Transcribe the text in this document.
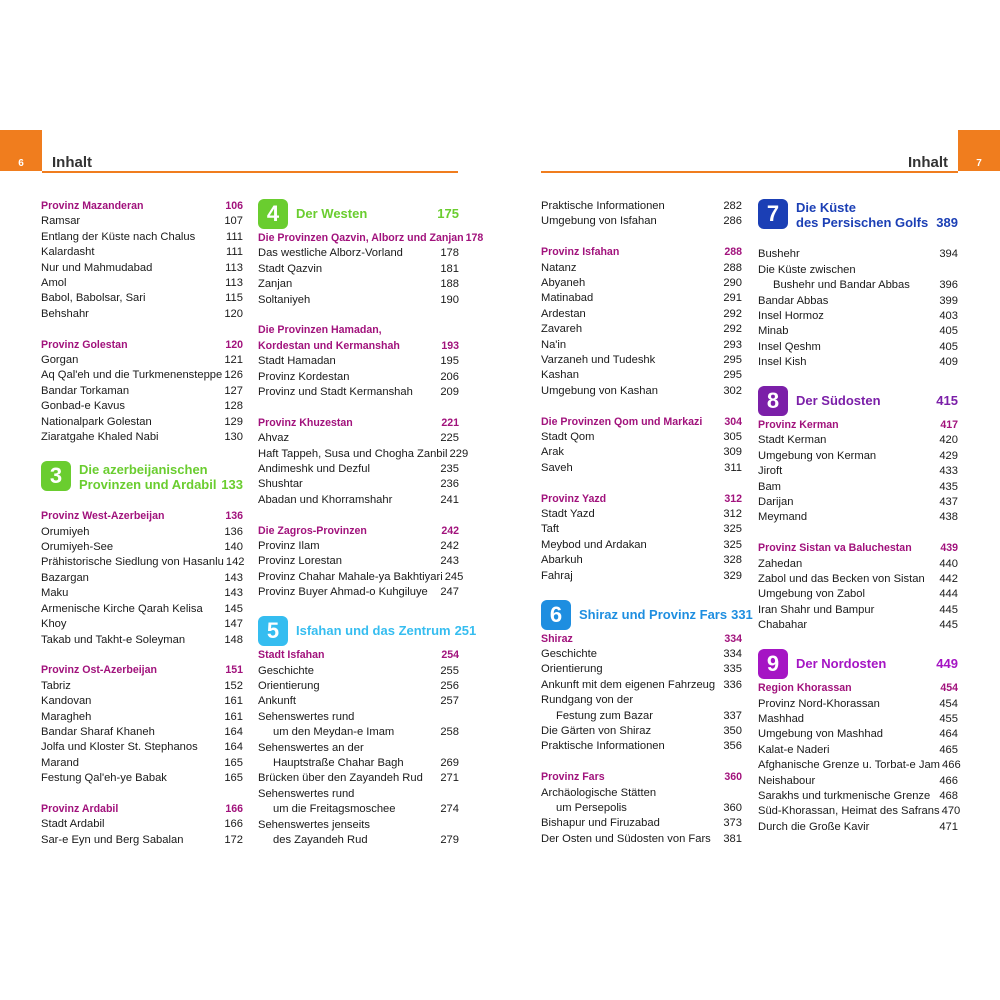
6	7
Inhalt	Inhalt
Provinz Mazanderan	106
Ramsar	107
Entlang der Küste nach Chalus	111
Kalardasht	111
Nur und Mahmudabad	113
Amol	113
Babol, Babolsar, Sari	115
Behshahr	120
Provinz Golestan	120
Gorgan	121
Aq Qal'eh und die Turkmenensteppe 126
Bandar Torkaman	127
Gonbad-e Kavus	128
Nationalpark Golestan	129
Ziaratgahe Khaled Nabi	130
3	Die azerbeijanischen
Provinzen und Ardabil 133
Provinz West-Azerbeijan	136
Orumiyeh	136
Orumiyeh-See	140
Prähistorische Siedlung von Hasanlu 142
Bazargan	143
Maku	143
Armenische Kirche Qarah Kelisa 145
Khoy	147
Takab und Takht-e Soleyman	148
Provinz Ost-Azerbeijan	151
Tabriz	152
Kandovan	161
Maragheh	161
Bandar Sharaf Khaneh	164
Jolfa und Kloster St. Stephanos 164
Marand	165
Festung Qal'eh-ye Babak	165
Provinz Ardabil	166
Stadt Ardabil	166
Sar-e Eyn und Berg Sabalan	172
4	Der Westen	175
Die Provinzen Qazvin, Alborz und Zanjan 178
Das westliche Alborz-Vorland	178
Stadt Qazvin	181
Zanjan	188
Soltaniyeh	190
Die Provinzen Hamadan,
Kordestan und Kermanshah	193
Stadt Hamadan	195
Provinz Kordestan	206
Provinz und Stadt Kermanshah 209
Provinz Khuzestan	221
Ahvaz	225
Haft Tappeh, Susa und Chogha Zanbil 229
Andimeshk und Dezful	235
Shushtar	236
Abadan und Khorramshahr	241
Die Zagros-Provinzen	242
Provinz Ilam	242
Provinz Lorestan	243
Provinz Chahar Mahale-ya Bakhtiyari 245
Provinz Buyer Ahmad-o Kuhgiluye 247
5	Isfahan und das Zentrum 251
Stadt Isfahan	254
Geschichte	255
Orientierung	256
Ankunft	257
Sehenswertes rund
um den Meydan-e Imam	258
Sehenswertes an der
Hauptstraße Chahar Bagh	269
Brücken über den Zayandeh Rud 271
Sehenswertes rund
um die Freitagsmoschee	274
Sehenswertes jenseits
des Zayandeh Rud	279
Praktische Informationen	282
Umgebung von Isfahan	286
Provinz Isfahan	288
Natanz	288
Abyaneh	290
Matinabad	291
Ardestan	292
Zavareh	292
Na'in	293
Varzaneh und Tudeshk	295
Kashan	295
Umgebung von Kashan	302
Die Provinzen Qom und Markazi 304
Stadt Qom	305
Arak	309
Saveh	311
Provinz Yazd	312
Stadt Yazd	312
Taft	325
Meybod und Ardakan	325
Abarkuh	328
Fahraj	329
6	Shiraz und Provinz Fars 331
Shiraz	334
Geschichte	334
Orientierung	335
Ankunft mit dem eigenen Fahrzeug 336
Rundgang von der
Festung zum Bazar	337
Die Gärten von Shiraz	350
Praktische Informationen	356
Provinz Fars	360
Archäologische Stätten
um Persepolis	360
Bishapur und Firuzabad	373
Der Osten und Südosten von Fars 381
7	Die Küste
des Persischen Golfs 389
Bushehr	394
Die Küste zwischen
Bushehr und Bandar Abbas	396
Bandar Abbas	399
Insel Hormoz	403
Minab	405
Insel Qeshm	405
Insel Kish	409
8	Der Südosten	415
Provinz Kerman	417
Stadt Kerman	420
Umgebung von Kerman	429
Jiroft	433
Bam	435
Darijan	437
Meymand	438
Provinz Sistan va Baluchestan	439
Zahedan	440
Zabol und das Becken von Sistan 442
Umgebung von Zabol	444
Iran Shahr und Bampur	445
Chabahar	445
9	Der Nordosten	449
Region Khorassan	454
Provinz Nord-Khorassan	454
Mashhad	455
Umgebung von Mashhad	464
Kalat-e Naderi	465
Afghanische Grenze u. Torbat-e Jam 466
Neishabour	466
Sarakhs und turkmenische Grenze 468
Süd-Khorassan, Heimat des Safrans 470
Durch die Große Kavir	471
